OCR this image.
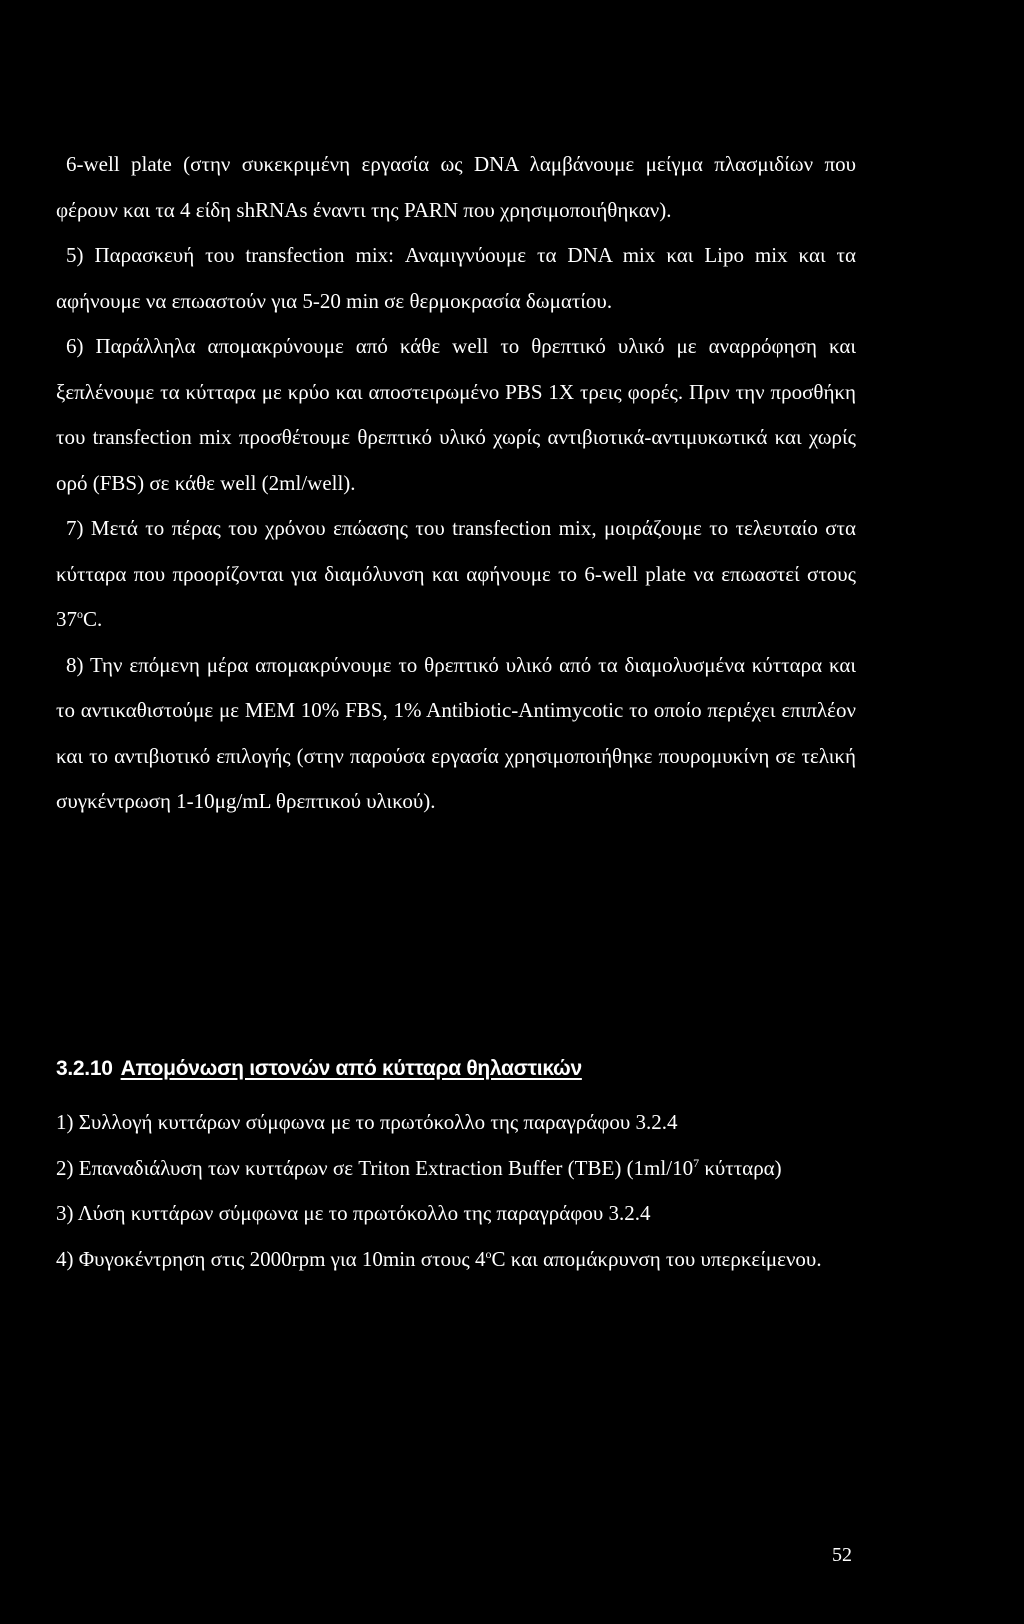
6-well plate (στην συκεκριμένη εργασία ως DNA λαμβάνουμε μείγμα πλασμιδίων που φέρουν και τα 4 είδη shRNAs έναντι της PARN που χρησιμοποιήθηκαν).

5) Παρασκευή του transfection mix: Αναμιγνύουμε τα DNA mix και Lipo mix και τα αφήνουμε να επωαστούν για 5-20 min σε θερμοκρασία δωματίου.

6) Παράλληλα απομακρύνουμε από κάθε well το θρεπτικό υλικό με αναρρόφηση και ξεπλένουμε τα κύτταρα με κρύο και αποστειρωμένο PBS 1X τρεις φορές. Πριν την προσθήκη του transfection mix προσθέτουμε θρεπτικό υλικό χωρίς αντιβιοτικά-αντιμυκωτικά και χωρίς ορό (FBS) σε κάθε well (2ml/well).

7) Μετά το πέρας του χρόνου επώασης του transfection mix, μοιράζουμε το τελευταίο στα κύτταρα που προορίζονται για διαμόλυνση και αφήνουμε το 6-well plate να επωαστεί στους 37$^o$C.

8) Την επόμενη μέρα απομακρύνουμε το θρεπτικό υλικό από τα διαμολυσμένα κύτταρα και το αντικαθιστούμε με MEM 10% FBS, 1% Antibiotic-Antimycotic το οποίο περιέχει επιπλέον και το αντιβιοτικό επιλογής (στην παρούσα εργασία χρησιμοποιήθηκε πουρομυκίνη σε τελική συγκέντρωση 1-10μg/mL θρεπτικού υλικού).

3.2.10 Απομόνωση ιστονών από κύτταρα θηλαστικών

1) Συλλογή κυττάρων σύμφωνα με το πρωτόκολλο της παραγράφου 3.2.4

2) Επαναδιάλυση των κυττάρων σε Triton Extraction Buffer (TBE) ($1ml/10^7$ κύτταρα)

3) Λύση κυττάρων σύμφωνα με το πρωτόκολλο της παραγράφου 3.2.4

4) Φυγοκέντρηση στις 2000rpm για 10min στους 4$^o$C και απομάκρυνση του υπερκείμενου.

52
